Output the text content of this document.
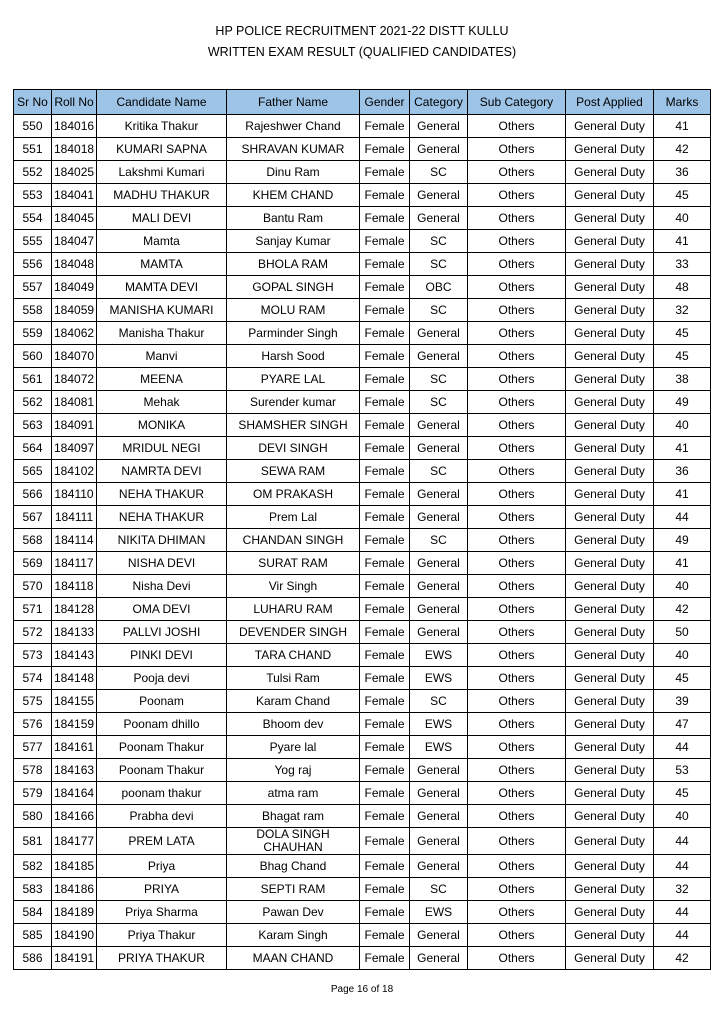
HP POLICE RECRUITMENT 2021-22 DISTT KULLU
WRITTEN EXAM RESULT (QUALIFIED CANDIDATES)
Sr No	Roll No	Candidate Name	Father Name	Gender	Category	Sub Category	Post Applied	Marks
550	184016	Kritika Thakur	Rajeshwer Chand	Female	General	Others	General Duty	41
551	184018	KUMARI SAPNA	SHRAVAN KUMAR	Female	General	Others	General Duty	42
552	184025	Lakshmi Kumari	Dinu Ram	Female	SC	Others	General Duty	36
553	184041	MADHU THAKUR	KHEM CHAND	Female	General	Others	General Duty	45
554	184045	MALI DEVI	Bantu Ram	Female	General	Others	General Duty	40
555	184047	Mamta	Sanjay Kumar	Female	SC	Others	General Duty	41
556	184048	MAMTA	BHOLA RAM	Female	SC	Others	General Duty	33
557	184049	MAMTA DEVI	GOPAL SINGH	Female	OBC	Others	General Duty	48
558	184059	MANISHA KUMARI	MOLU RAM	Female	SC	Others	General Duty	32
559	184062	Manisha Thakur	Parminder Singh	Female	General	Others	General Duty	45
560	184070	Manvi	Harsh Sood	Female	General	Others	General Duty	45
561	184072	MEENA	PYARE LAL	Female	SC	Others	General Duty	38
562	184081	Mehak	Surender kumar	Female	SC	Others	General Duty	49
563	184091	MONIKA	SHAMSHER SINGH	Female	General	Others	General Duty	40
564	184097	MRIDUL NEGI	DEVI SINGH	Female	General	Others	General Duty	41
565	184102	NAMRTA DEVI	SEWA RAM	Female	SC	Others	General Duty	36
566	184110	NEHA THAKUR	OM PRAKASH	Female	General	Others	General Duty	41
567	184111	NEHA THAKUR	Prem Lal	Female	General	Others	General Duty	44
568	184114	NIKITA DHIMAN	CHANDAN SINGH	Female	SC	Others	General Duty	49
569	184117	NISHA DEVI	SURAT RAM	Female	General	Others	General Duty	41
570	184118	Nisha Devi	Vir Singh	Female	General	Others	General Duty	40
571	184128	OMA DEVI	LUHARU RAM	Female	General	Others	General Duty	42
572	184133	PALLVI JOSHI	DEVENDER SINGH	Female	General	Others	General Duty	50
573	184143	PINKI DEVI	TARA CHAND	Female	EWS	Others	General Duty	40
574	184148	Pooja devi	Tulsi Ram	Female	EWS	Others	General Duty	45
575	184155	Poonam	Karam Chand	Female	SC	Others	General Duty	39
576	184159	Poonam dhillo	Bhoom dev	Female	EWS	Others	General Duty	47
577	184161	Poonam Thakur	Pyare lal	Female	EWS	Others	General Duty	44
578	184163	Poonam Thakur	Yog raj	Female	General	Others	General Duty	53
579	184164	poonam thakur	atma ram	Female	General	Others	General Duty	45
580	184166	Prabha devi	Bhagat ram	Female	General	Others	General Duty	40
581	184177	PREM LATA	DOLA SINGH CHAUHAN	Female	General	Others	General Duty	44
582	184185	Priya	Bhag Chand	Female	General	Others	General Duty	44
583	184186	PRIYA	SEPTI RAM	Female	SC	Others	General Duty	32
584	184189	Priya Sharma	Pawan Dev	Female	EWS	Others	General Duty	44
585	184190	Priya Thakur	Karam Singh	Female	General	Others	General Duty	44
586	184191	PRIYA THAKUR	MAAN CHAND	Female	General	Others	General Duty	42
Page 16 of 18
